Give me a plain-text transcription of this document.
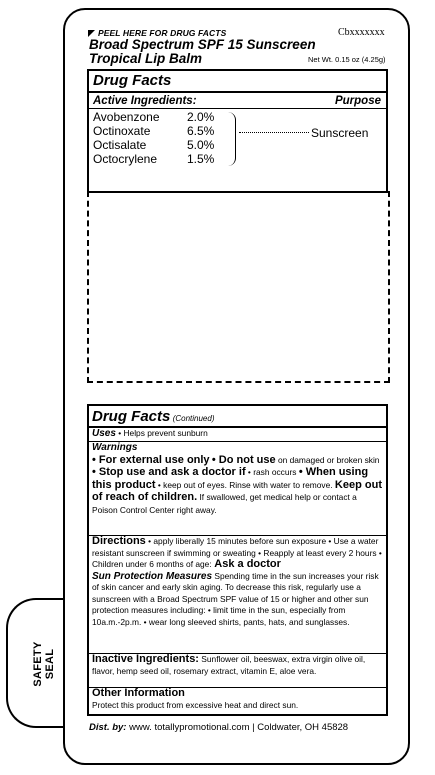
SAFETY SEAL
PEEL HERE FOR DRUG FACTS	Cbxxxxxxx
Broad Spectrum SPF 15 Sunscreen
Tropical Lip Balm	Net Wt. 0.15 oz (4.25g)
Drug Facts
Active Ingredients:	Purpose
Avobenzone 2.0%
Octinoxate	6.5%
Octisalate	5.0%
Octocrylene 1.5%
Sunscreen
Drug Facts (Continued)
Uses • Helps prevent sunburn
Warnings
• For external use only • Do not use on damaged or broken skin • Stop use and ask a doctor if • rash occurs • When using this product • keep out of eyes. Rinse with water to remove. Keep out of reach of children. If swallowed, get medical help or contact a Poison Control Center right away.
Directions • apply liberally 15 minutes before sun exposure • Use a water resistant sunscreen if swimming or sweating • Reapply at least every 2 hours • Children under 6 months of age: Ask a doctor
Sun Protection Measures Spending time in the sun increases your risk of skin cancer and early skin aging. To decrease this risk, regularly use a sunscreen with a Broad Spectrum SPF value of 15 or higher and other sun protection measures including: • limit time in the sun, especially from 10a.m.-2p.m. • wear long sleeved shirts, pants, hats, and sunglasses.
Inactive Ingredients: Sunflower oil, beeswax, extra virgin olive oil, flavor, hemp seed oil, rosemary extract, vitamin E, aloe vera.
Other Information
Protect this product from excessive heat and direct sun.
Dist. by: www. totallypromotional.com | Coldwater, OH 45828
